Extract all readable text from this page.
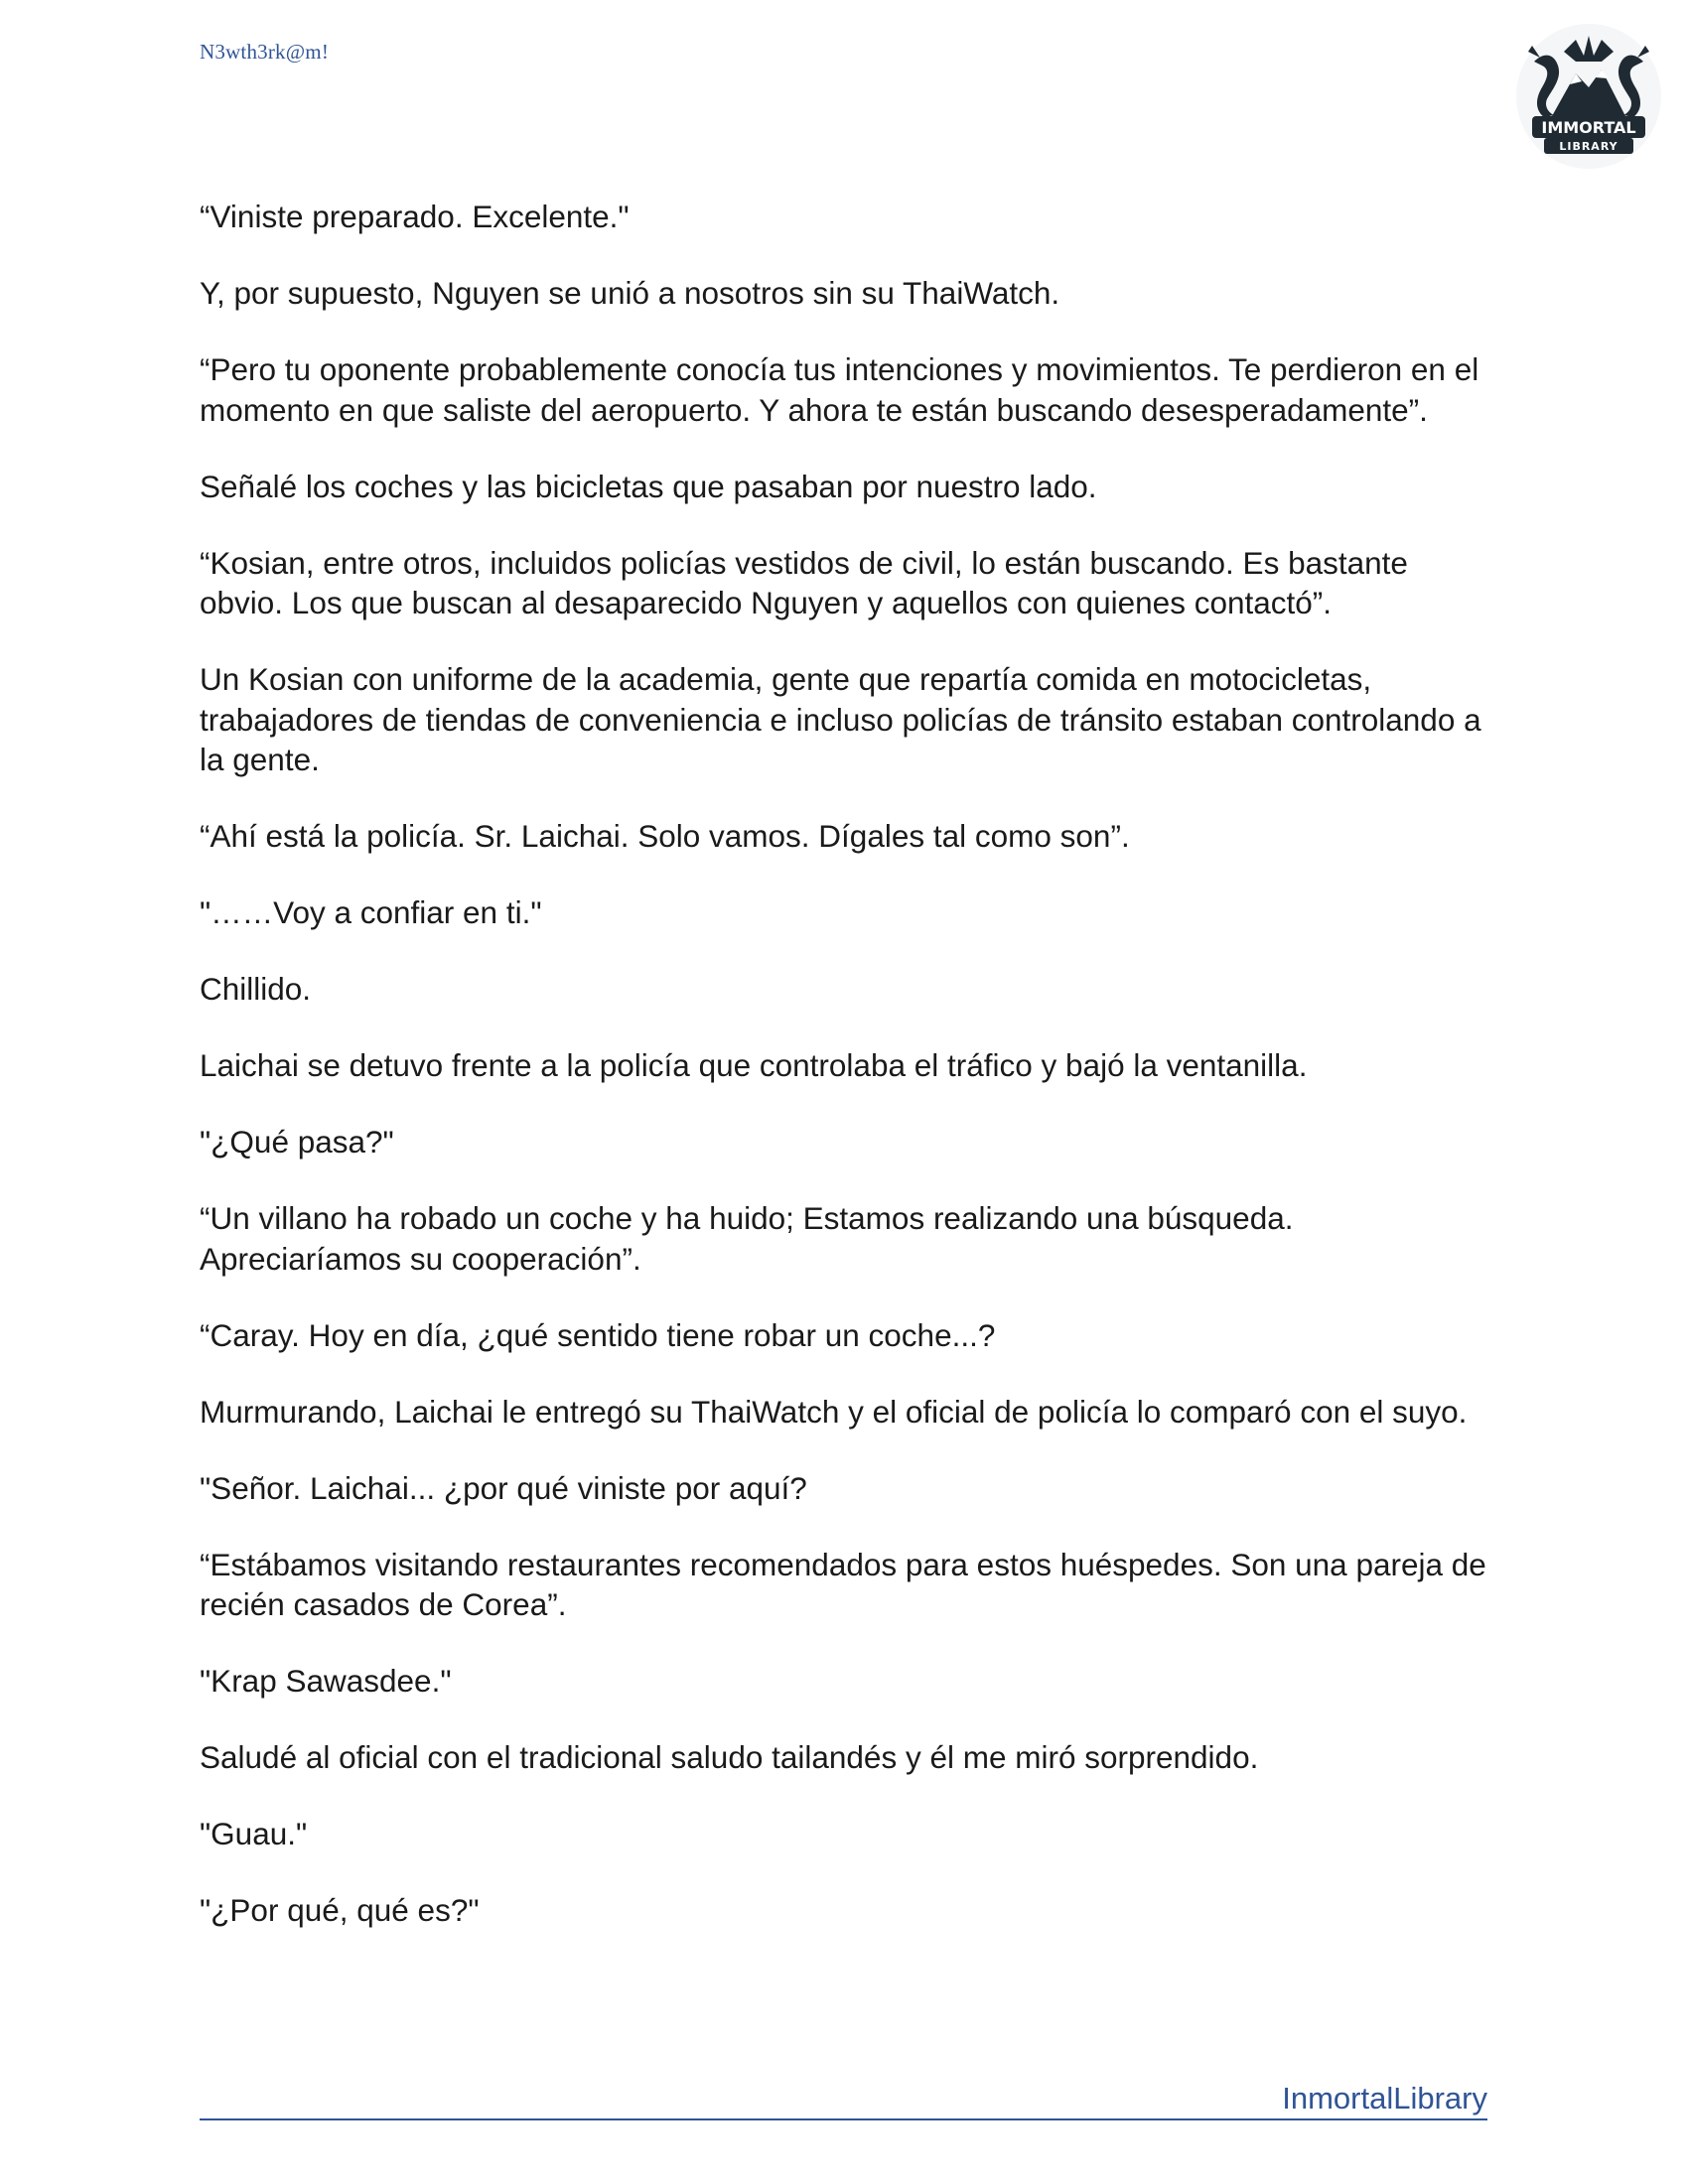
N3wth3rk@m!
IMMORTAL
LIBRARY

“Viniste preparado. Excelente."

Y, por supuesto, Nguyen se unió a nosotros sin su ThaiWatch.

“Pero tu oponente probablemente conocía tus intenciones y movimientos. Te perdieron en el momento en que saliste del aeropuerto. Y ahora te están buscando desesperadamente”.

Señalé los coches y las bicicletas que pasaban por nuestro lado.

“Kosian, entre otros, incluidos policías vestidos de civil, lo están buscando. Es bastante obvio. Los que buscan al desaparecido Nguyen y aquellos con quienes contactó”.

Un Kosian con uniforme de la academia, gente que repartía comida en motocicletas, trabajadores de tiendas de conveniencia e incluso policías de tránsito estaban controlando a la gente.

“Ahí está la policía. Sr. Laichai. Solo vamos. Dígales tal como son”.

"……Voy a confiar en ti."

Chillido.

Laichai se detuvo frente a la policía que controlaba el tráfico y bajó la ventanilla.

"¿Qué pasa?"

“Un villano ha robado un coche y ha huido; Estamos realizando una búsqueda. Apreciaríamos su cooperación”.

“Caray. Hoy en día, ¿qué sentido tiene robar un coche...?

Murmurando, Laichai le entregó su ThaiWatch y el oficial de policía lo comparó con el suyo.

"Señor. Laichai... ¿por qué viniste por aquí?

“Estábamos visitando restaurantes recomendados para estos huéspedes. Son una pareja de recién casados de Corea”.

"Krap Sawasdee."

Saludé al oficial con el tradicional saludo tailandés y él me miró sorprendido.

"Guau."

"¿Por qué, qué es?"

InmortalLibrary
